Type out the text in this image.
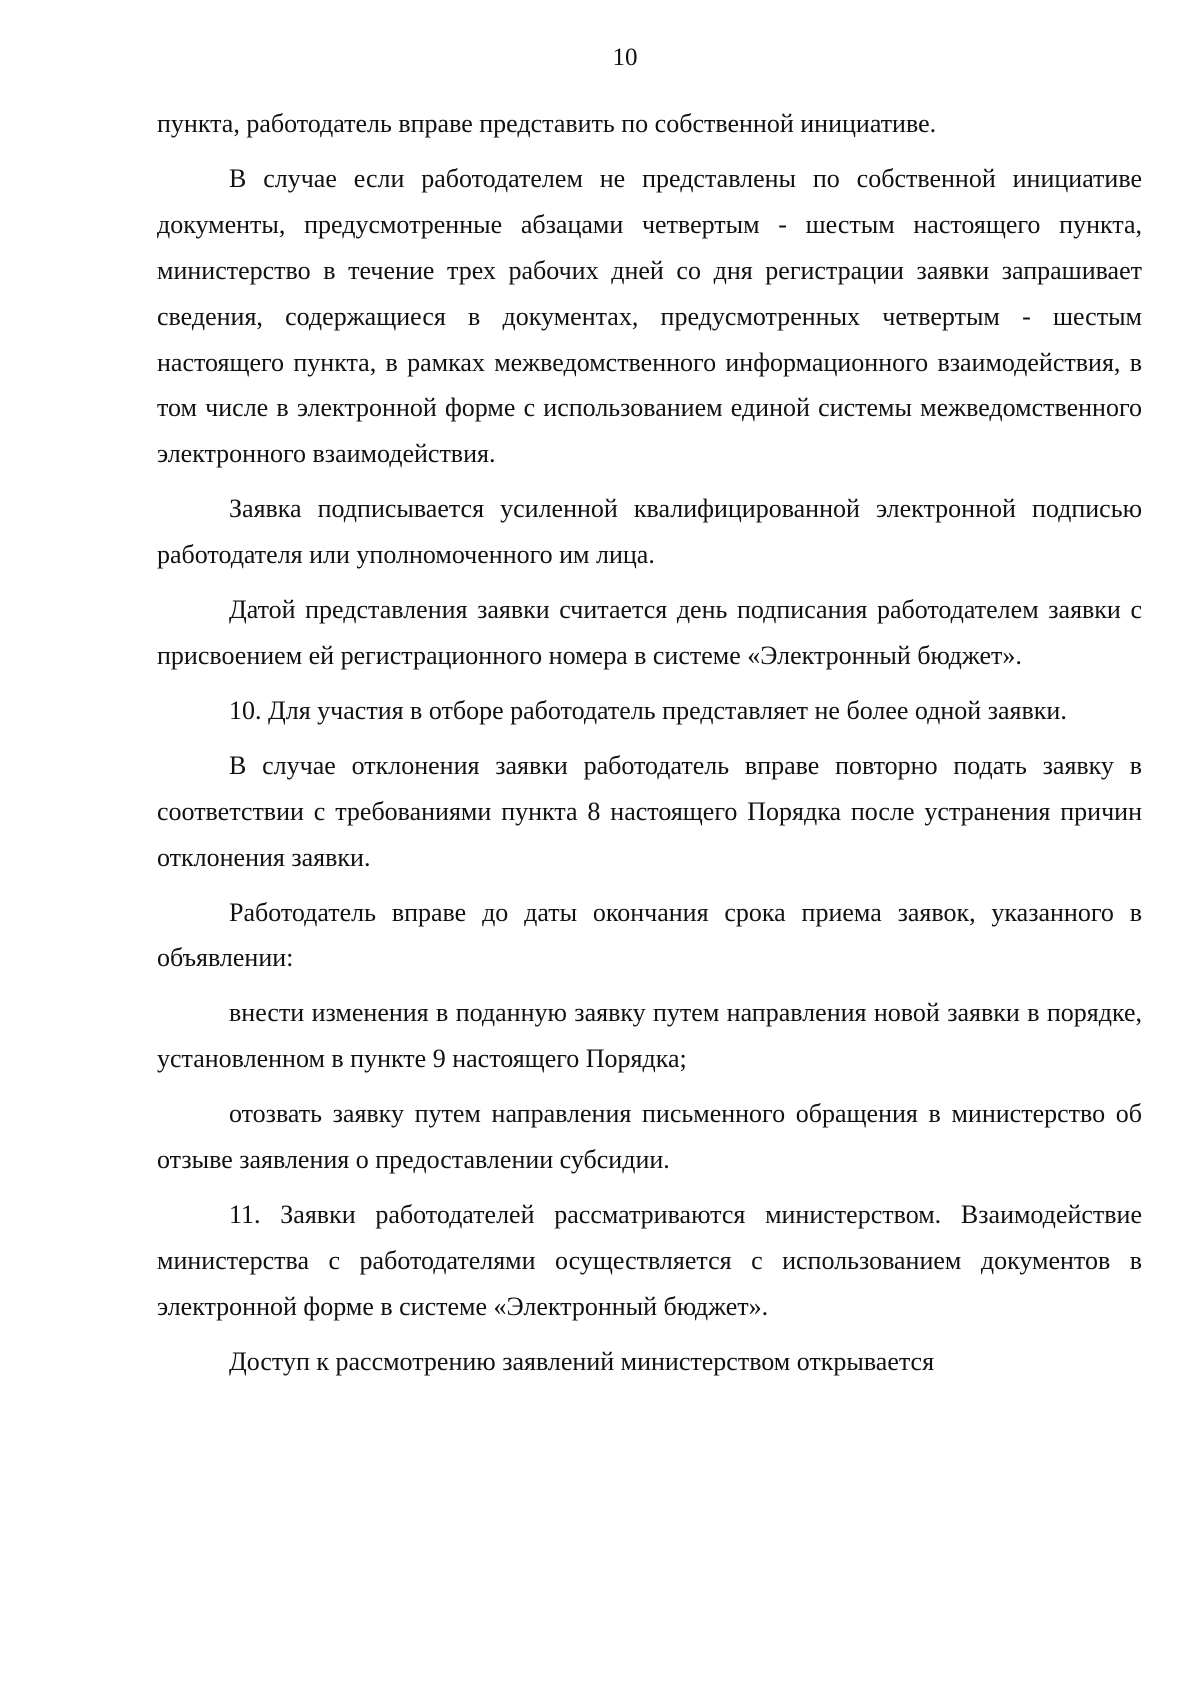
10

пункта, работодатель вправе представить по собственной инициативе.

В случае если работодателем не представлены по собственной инициативе документы, предусмотренные абзацами четвертым - шестым настоящего пункта, министерство в течение трех рабочих дней со дня регистрации заявки запрашивает сведения, содержащиеся в документах, предусмотренных четвертым - шестым настоящего пункта, в рамках межведомственного информационного взаимодействия, в том числе в электронной форме с использованием единой системы межведомственного электронного взаимодействия.

Заявка подписывается усиленной квалифицированной электронной подписью работодателя или уполномоченного им лица.

Датой представления заявки считается день подписания работодателем заявки с присвоением ей регистрационного номера в системе «Электронный бюджет».

10. Для участия в отборе работодатель представляет не более одной заявки.

В случае отклонения заявки работодатель вправе повторно подать заявку в соответствии с требованиями пункта 8 настоящего Порядка после устранения причин отклонения заявки.

Работодатель вправе до даты окончания срока приема заявок, указанного в объявлении:

внести изменения в поданную заявку путем направления новой заявки в порядке, установленном в пункте 9 настоящего Порядка;

отозвать заявку путем направления письменного обращения в министерство об отзыве заявления о предоставлении субсидии.

11. Заявки работодателей рассматриваются министерством. Взаимодействие министерства с работодателями осуществляется с использованием документов в электронной форме в системе «Электронный бюджет».

Доступ к рассмотрению заявлений министерством открывается
